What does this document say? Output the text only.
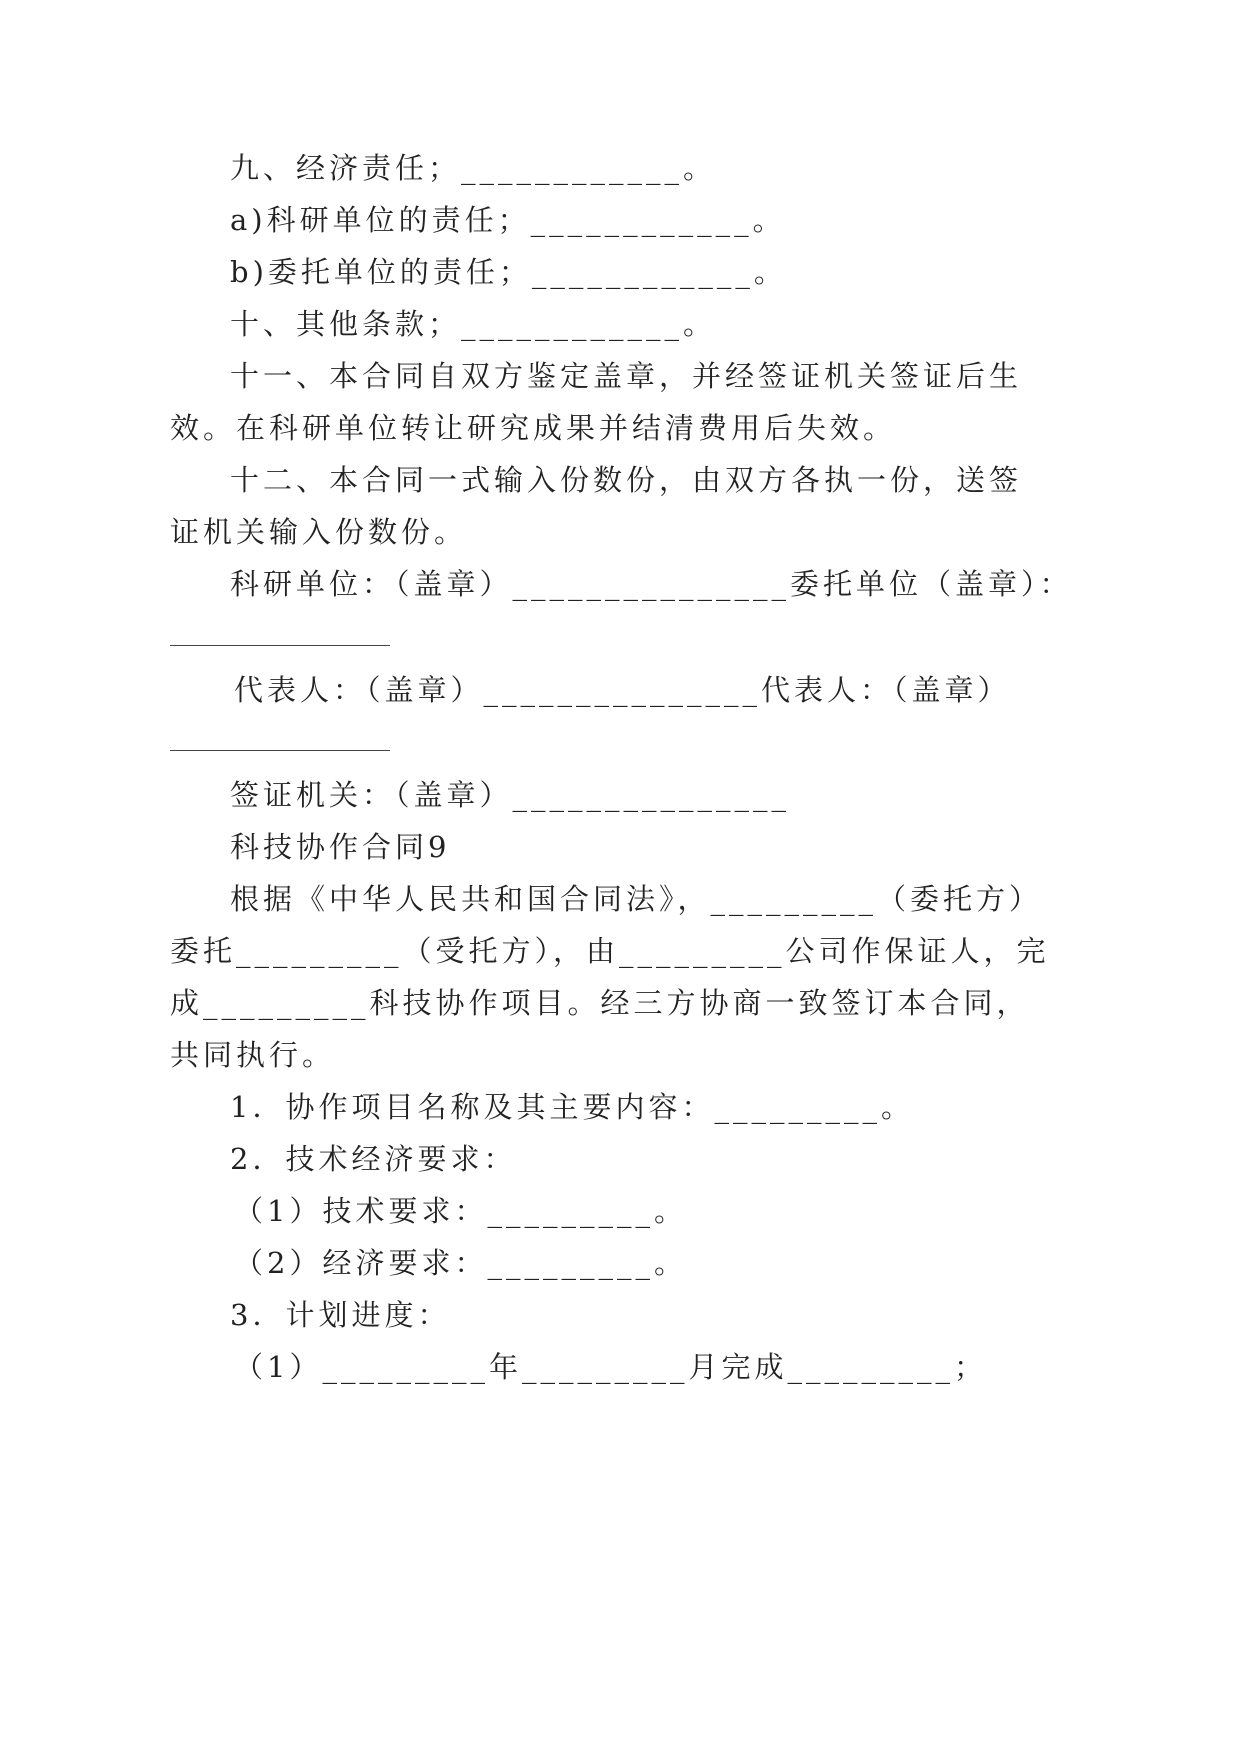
九、经济责任；____________。
a)科研单位的责任；____________。
b)委托单位的责任；____________。
十、其他条款；____________。
十一、本合同自双方鉴定盖章，并经签证机关签证后生
效。在科研单位转让研究成果并结清费用后失效。
十二、本合同一式输入份数份，由双方各执一份，送签
证机关输入份数份。
科研单位：（盖章）_______________委托单位（盖章）：
代表人：（盖章）_______________代表人：（盖章）
签证机关：（盖章）_______________
科技协作合同9
根据《中华人民共和国合同法》，_________（委托方）
委托_________（受托方），由_________公司作保证人，完
成_________科技协作项目。经三方协商一致签订本合同，
共同执行。
1．协作项目名称及其主要内容：_________。
2．技术经济要求：
（1）技术要求：_________。
（2）经济要求：_________。
3．计划进度：
（1）_________年_________月完成_________；
